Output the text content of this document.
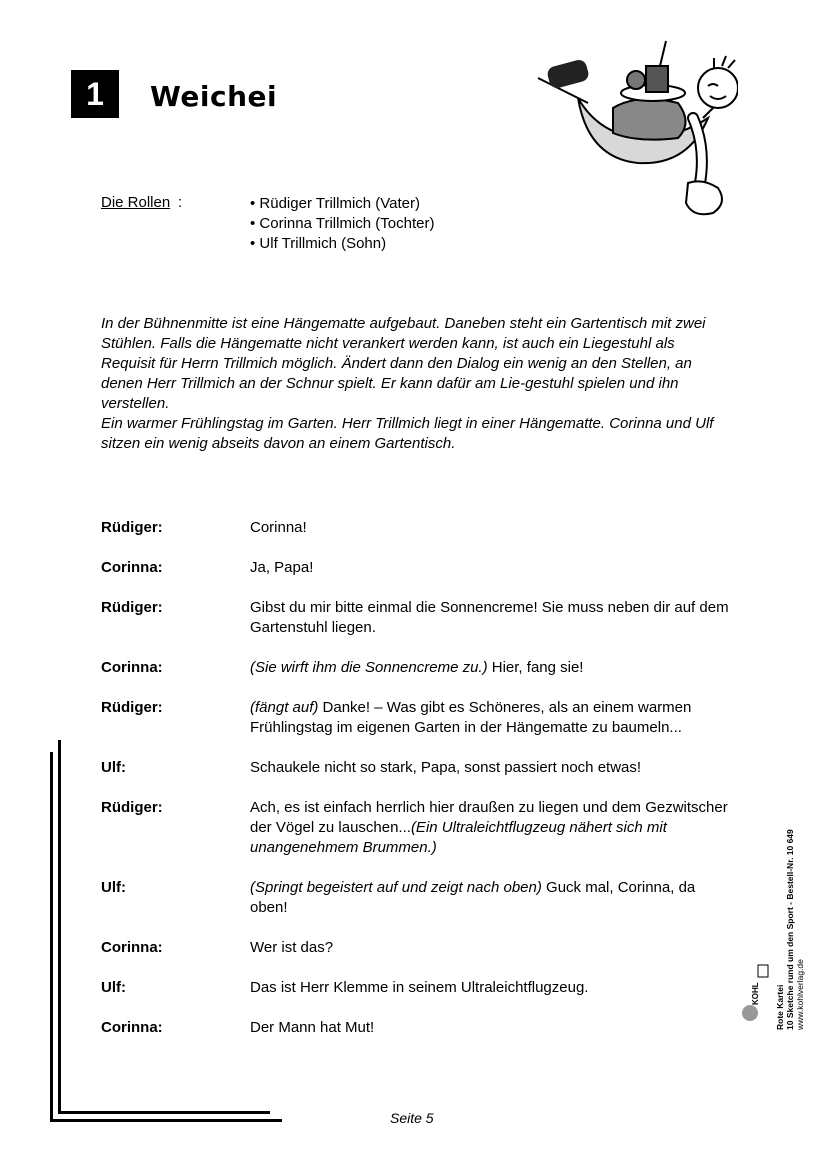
1	Weichei
Die Rollen :	• Rüdiger Trillmich (Vater)
• Corinna Trillmich (Tochter)
• Ulf Trillmich (Sohn)

In der Bühnenmitte ist eine Hängematte aufgebaut. Daneben steht ein Gartentisch mit zwei Stühlen. Falls die Hängematte nicht verankert werden kann, ist auch ein Liegestuhl als Requisit für Herrn Trillmich möglich. Ändert dann den Dialog ein wenig an den Stellen, an denen Herr Trillmich an der Schnur spielt. Er kann dafür am Lie-gestuhl spielen und ihn verstellen.

Ein warmer Frühlingstag im Garten. Herr Trillmich liegt in einer Hängematte. Corinna und Ulf sitzen ein wenig abseits davon an einem Gartentisch.

Rüdiger:	Corinna!
Corinna:	Ja, Papa!
Rüdiger:	Gibst du mir bitte einmal die Sonnencreme! Sie muss neben dir auf dem Gartenstuhl liegen.
Corinna:	(Sie wirft ihm die Sonnencreme zu.) Hier, fang sie!
Rüdiger:	(fängt auf) Danke! – Was gibt es Schöneres, als an einem warmen Frühlingstag im eigenen Garten in der Hängematte zu baumeln...
Ulf:	Schaukele nicht so stark, Papa, sonst passiert noch etwas!
Rüdiger:	Ach, es ist einfach herrlich hier draußen zu liegen und dem Gezwitscher der Vögel zu lauschen...(Ein Ultraleichtflugzeug nähert sich mit unangenehmem Brummen.)
Ulf:	(Springt begeistert auf und zeigt nach oben) Guck mal, Corinna, da oben!
Corinna:	Wer ist das?
Ulf:	Das ist Herr Klemme in seinem Ultraleichtflugzeug.
Corinna:	Der Mann hat Mut!
Seite 5
KOHL Rote Kartei 10 Sketche rund um den Sport - Bestell-Nr. 10 649 www.kohlverlag.de
